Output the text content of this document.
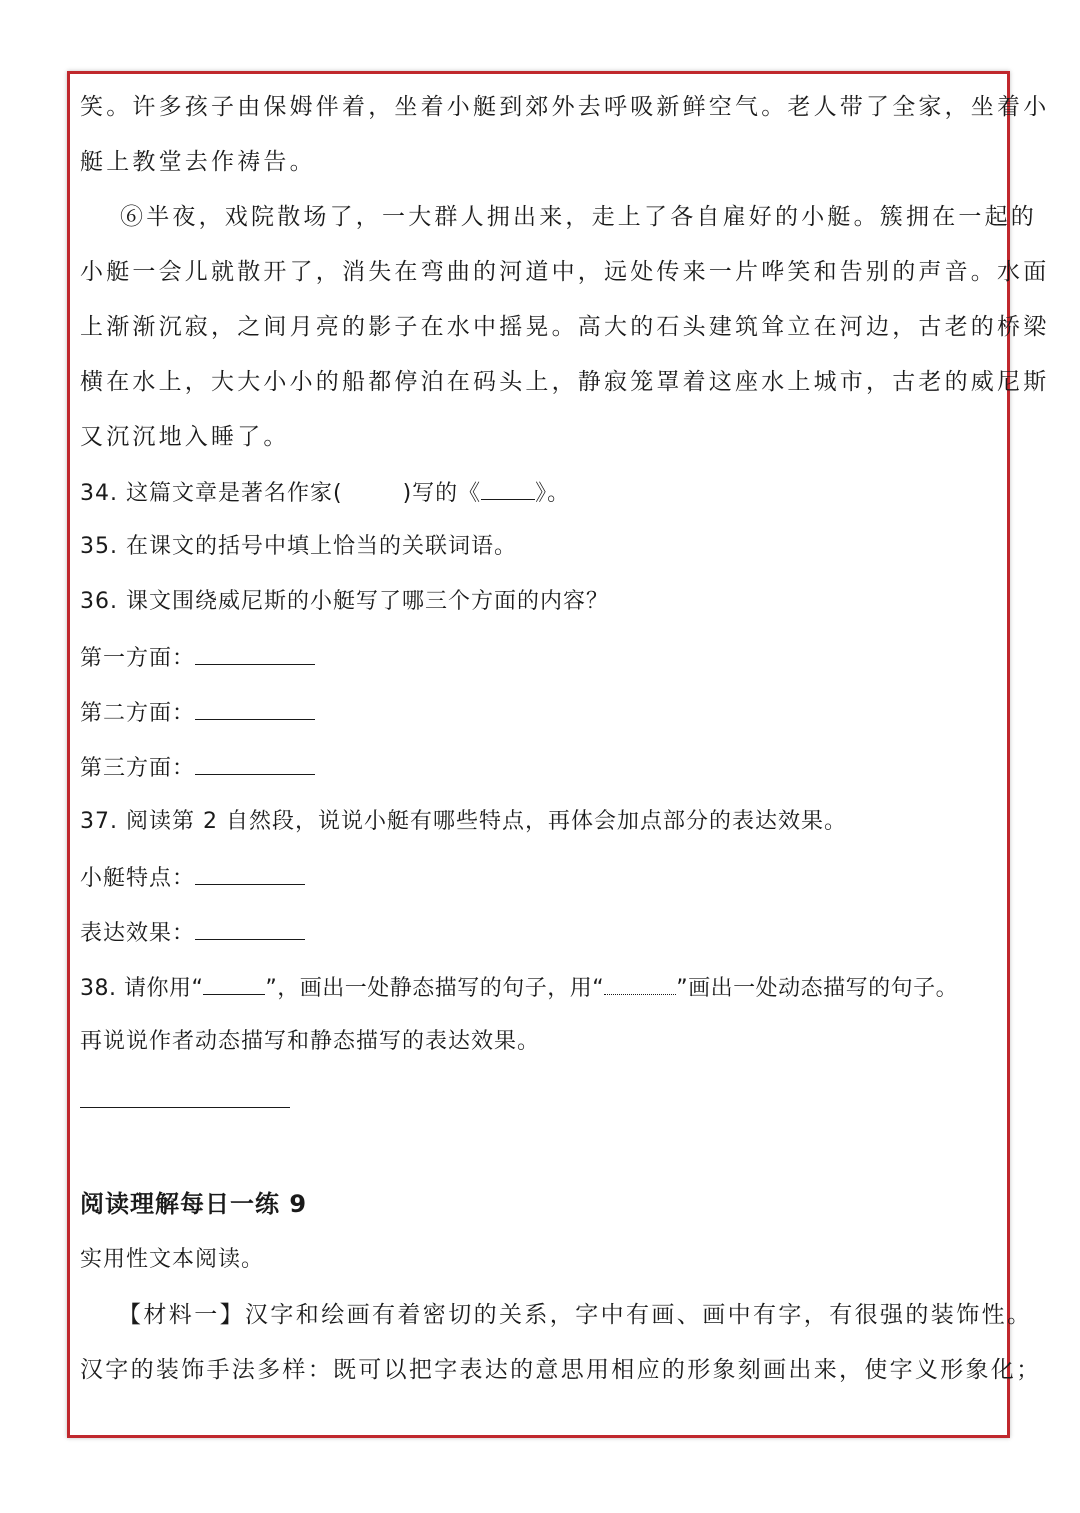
笑。许多孩子由保姆伴着，坐着小艇到郊外去呼吸新鲜空气。老人带了全家，坐着小
艇上教堂去作祷告。
⑥半夜，戏院散场了，一大群人拥出来，走上了各自雇好的小艇。簇拥在一起的
小艇一会儿就散开了，消失在弯曲的河道中，远处传来一片哗笑和告别的声音。水面
上渐渐沉寂，之间月亮的影子在水中摇晃。高大的石头建筑耸立在河边，古老的桥梁
横在水上，大大小小的船都停泊在码头上，静寂笼罩着这座水上城市，古老的威尼斯
又沉沉地入睡了。
34. 这篇文章是著名作家(	)写的《 》。
35. 在课文的括号中填上恰当的关联词语。
36. 课文围绕威尼斯的小艇写了哪三个方面的内容？
第一方面：
第二方面：
第三方面：
37. 阅读第 2 自然段，说说小艇有哪些特点，再体会加点部分的表达效果。
小艇特点：
表达效果：
38. 请你用“	”，画出一处静态描写的句子，用“	”画出一处动态描写的句子。
再说说作者动态描写和静态描写的表达效果。
阅读理解每日一练 9
实用性文本阅读。
【材料一】汉字和绘画有着密切的关系，字中有画、画中有字，有很强的装饰性。
汉字的装饰手法多样：既可以把字表达的意思用相应的形象刻画出来，使字义形象化；
